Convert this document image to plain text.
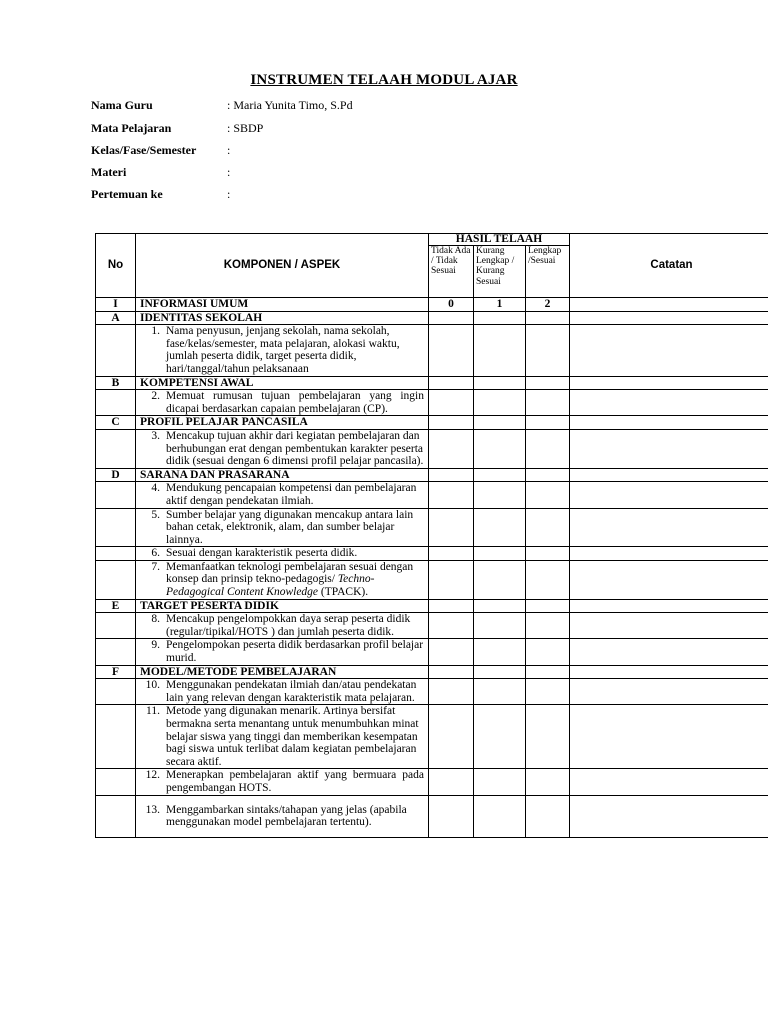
INSTRUMEN TELAAH MODUL AJAR
Nama Guru	: Maria Yunita Timo, S.Pd
Mata Pelajaran	: SBDP
Kelas/Fase/Semester	:
Materi	:
Pertemuan ke	:
No	KOMPONEN / ASPEK	HASIL TELAAH			Catatan
		Tidak Ada / Tidak Sesuai	Kurang Lengkap / Kurang Sesuai	Lengkap /Sesuai	
I	INFORMASI UMUM	0	1	2	
A	IDENTITAS SEKOLAH				

	1. Nama penyusun, jenjang sekolah, nama sekolah, fase/kelas/semester, mata pelajaran, alokasi waktu, jumlah peserta didik, target peserta didik, hari/tanggal/tahun pelaksanaan				

B	KOMPETENSI AWAL				

	2. Memuat rumusan tujuan pembelajaran yang ingin dicapai berdasarkan capaian pembelajaran (CP).				

C	PROFIL PELAJAR PANCASILA				

	3. Mencakup tujuan akhir dari kegiatan pembelajaran dan berhubungan erat dengan pembentukan karakter peserta didik (sesuai dengan 6 dimensi profil pelajar pancasila).				

D	SARANA DAN PRASARANA				

	4. Mendukung pencapaian kompetensi dan pembelajaran aktif dengan pendekatan ilmiah.				

	5. Sumber belajar yang digunakan mencakup antara lain bahan cetak, elektronik, alam, dan sumber belajar lainnya.				

	6. Sesuai dengan karakteristik peserta didik.				

	7. Memanfaatkan teknologi pembelajaran sesuai dengan konsep dan prinsip tekno-pedagogis/ Techno-Pedagogical Content Knowledge (TPACK).				

E	TARGET PESERTA DIDIK				

	8. Mencakup pengelompokkan daya serap peserta didik (regular/tipikal/HOTS ) dan jumlah peserta didik.				

	9. Pengelompokan peserta didik berdasarkan profil belajar murid.				

F	MODEL/METODE PEMBELAJARAN				

	10. Menggunakan pendekatan ilmiah dan/atau pendekatan lain yang relevan dengan karakteristik mata pelajaran.				

	11. Metode yang digunakan menarik. Artinya bersifat bermakna serta menantang untuk menumbuhkan minat belajar siswa yang tinggi dan memberikan kesempatan bagi siswa untuk terlibat dalam kegiatan pembelajaran secara aktif.				

	12. Menerapkan pembelajaran aktif yang bermuara pada pengembangan HOTS.				

	13. Menggambarkan sintaks/tahapan yang jelas (apabila menggunakan model pembelajaran tertentu).				
